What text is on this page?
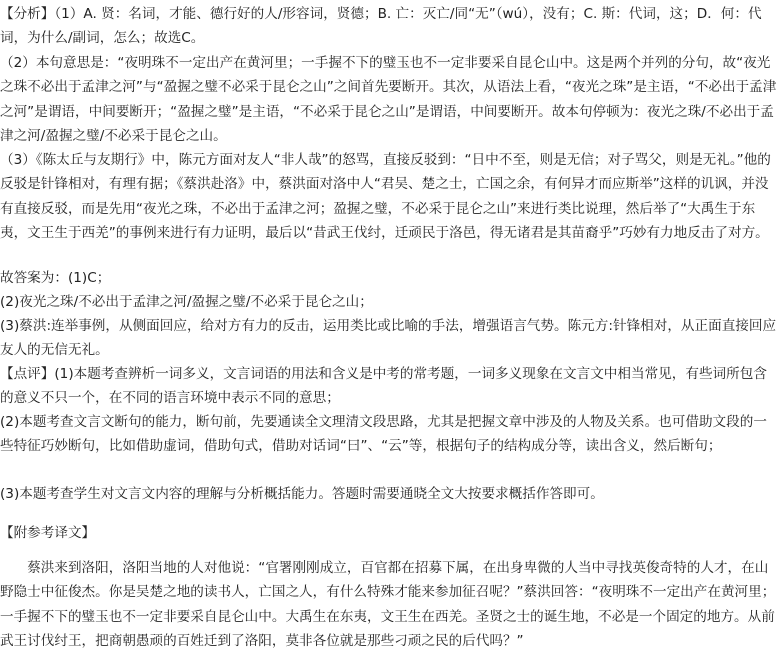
【分析】（1）A. 贤：名词，才能、德行好的人/形容词，贤德；B. 亡：灭亡/同“无”（wú），没有；C. 斯：代词，这；D．何：代词，为什么/副词，怎么；故选C。

（2）本句意思是：“夜明珠不一定出产在黄河里；一手握不下的璧玉也不一定非要采自昆仑山中。这是两个并列的分句，故“夜光之珠不必出于孟津之河”与“盈握之璧不必采于昆仑之山”之间首先要断开。其次，从语法上看，“夜光之珠”是主语，“不必出于孟津之河”是谓语，中间要断开；“盈握之璧”是主语，“不必采于昆仑之山”是谓语，中间要断开。故本句停顿为：夜光之珠/不必出于孟津之河/盈握之璧/不必采于昆仑之山。

（3）《陈太丘与友期行》中，陈元方面对友人“非人哉”的怒骂，直接反驳到：“日中不至，则是无信；对子骂父，则是无礼。”他的反驳是针锋相对，有理有据；《蔡洪赴洛》中，蔡洪面对洛中人“君吴、楚之士，亡国之余，有何异才而应斯举”这样的讥讽，并没有直接反驳，而是先用“夜光之珠，不必出于孟津之河；盈握之璧，不必采于昆仑之山”来进行类比说理，然后举了“大禹生于东夷，文王生于西羌”的事例来进行有力证明，最后以“昔武王伐纣，迁顽民于洛邑，得无诸君是其苗裔乎”巧妙有力地反击了对方。

故答案为：(1)C；

(2)夜光之珠/不必出于孟津之河/盈握之璧/不必采于昆仑之山；

(3)蔡洪:连举事例，从侧面回应，给对方有力的反击，运用类比或比喻的手法，增强语言气势。陈元方:针锋相对，从正面直接回应友人的无信无礼。

【点评】(1)本题考查辨析一词多义，文言词语的用法和含义是中考的常考题，一词多义现象在文言文中相当常见，有些词所包含的意义不只一个，在不同的语言环境中表示不同的意思；

(2)本题考查文言文断句的能力，断句前，先要通读全文理清文段思路，尤其是把握文章中涉及的人物及关系。也可借助文段的一些特征巧妙断句，比如借助虚词，借助句式，借助对话词“曰”、“云”等，根据句子的结构成分等，读出含义，然后断句；

(3)本题考查学生对文言文内容的理解与分析概括能力。答题时需要通晓全文大按要求概括作答即可。

【附参考译文】

蔡洪来到洛阳，洛阳当地的人对他说：“官署刚刚成立，百官都在招募下属，在出身卑微的人当中寻找英俊奇特的人才，在山野隐士中征俊杰。你是吴楚之地的读书人，亡国之人，有什么特殊才能来参加征召呢？”蔡洪回答：“夜明珠不一定出产在黄河里；一手握不下的璧玉也不一定非要采自昆仑山中。大禹生在东夷，文王生在西羌。圣贤之士的诞生地，不必是一个固定的地方。从前武王讨伐纣王，把商朝愚顽的百姓迁到了洛阳，莫非各位就是那些刁顽之民的后代吗？”
